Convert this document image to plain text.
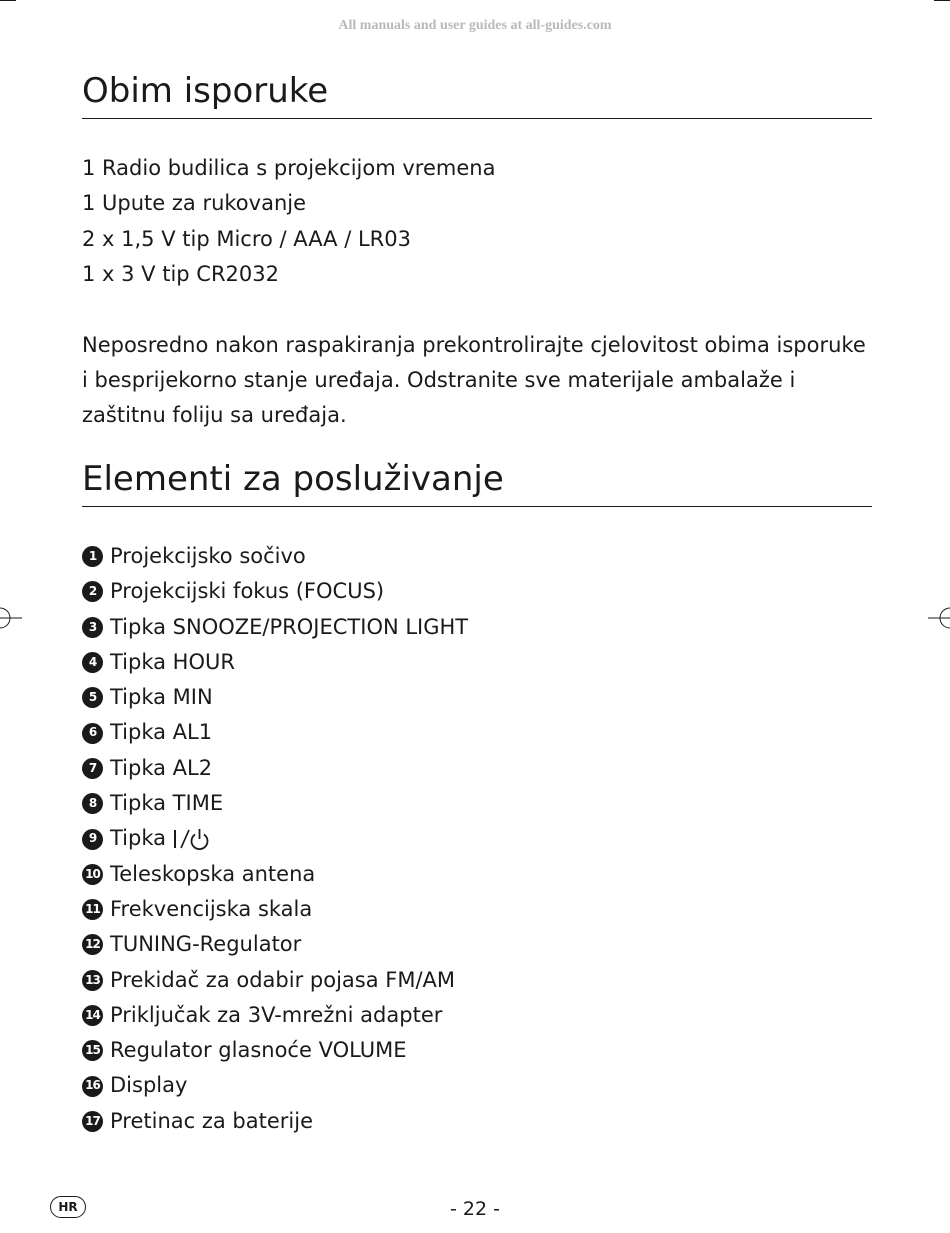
All manuals and user guides at all-guides.com
Obim isporuke
1 Radio budilica s projekcijom vremena
1 Upute za rukovanje
2 x 1,5 V tip Micro / AAA / LR03
1 x 3 V tip CR2032

Neposredno nakon raspakiranja prekontrolirajte cjelovitost obima isporuke i besprijekorno stanje uređaja. Odstranite sve materijale ambalaže i zaštitnu foliju sa uređaja.

Elementi za posluživanje
1 Projekcijsko sočivo
2 Projekcijski fokus (FOCUS)
3 Tipka SNOOZE/PROJECTION LIGHT
4 Tipka HOUR
5 Tipka MIN
6 Tipka AL1
7 Tipka AL2
8 Tipka TIME
9 Tipka
10 Teleskopska antena
11 Frekvencijska skala
12 TUNING-Regulator
13 Prekidač za odabir pojasa FM/AM
14 Priključak za 3V-mrežni adapter
15 Regulator glasnoće VOLUME
16 Display
17 Pretinac za baterije
HR	- 22 -
